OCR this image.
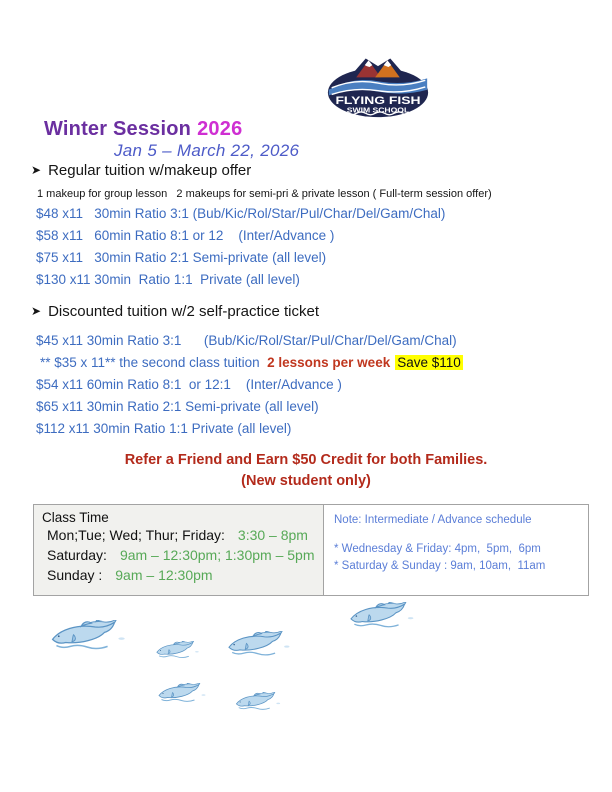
FLYING FISH
SWIM SCHOOL
Winter Session 2026
Jan 5 – March 22, 2026
➤ Regular tuition w/makeup offer
1 makeup for group lesson   2 makeups for semi-pri & private lesson ( Full-term session offer)
$48 x11   30min Ratio 3:1 (Bub/Kic/Rol/Star/Pul/Char/Del/Gam/Chal)
$58 x11   60min Ratio 8:1 or 12    (Inter/Advance )
$75 x11   30min Ratio 2:1 Semi-private (all level)
$130 x11 30min  Ratio 1:1  Private (all level)
➤ Discounted tuition w/2 self-practice ticket
$45 x11 30min Ratio 3:1      (Bub/Kic/Rol/Star/Pul/Char/Del/Gam/Chal)
** $35 x 11** the second class tuition  2 lessons per week Save $110
$54 x11 60min Ratio 8:1  or 12:1    (Inter/Advance )
$65 x11 30min Ratio 2:1 Semi-private (all level)
$112 x11 30min Ratio 1:1 Private (all level)
Refer a Friend and Earn $50 Credit for both Families.
(New student only)
Class Time
Mon;Tue; Wed; Thur; Friday: 3:30 – 8pm
Saturday: 9am – 12:30pm; 1:30pm – 5pm
Sunday : 9am – 12:30pm
Note: Intermediate / Advance schedule
* Wednesday & Friday: 4pm,  5pm,  6pm
* Saturday & Sunday : 9am, 10am,  11am
